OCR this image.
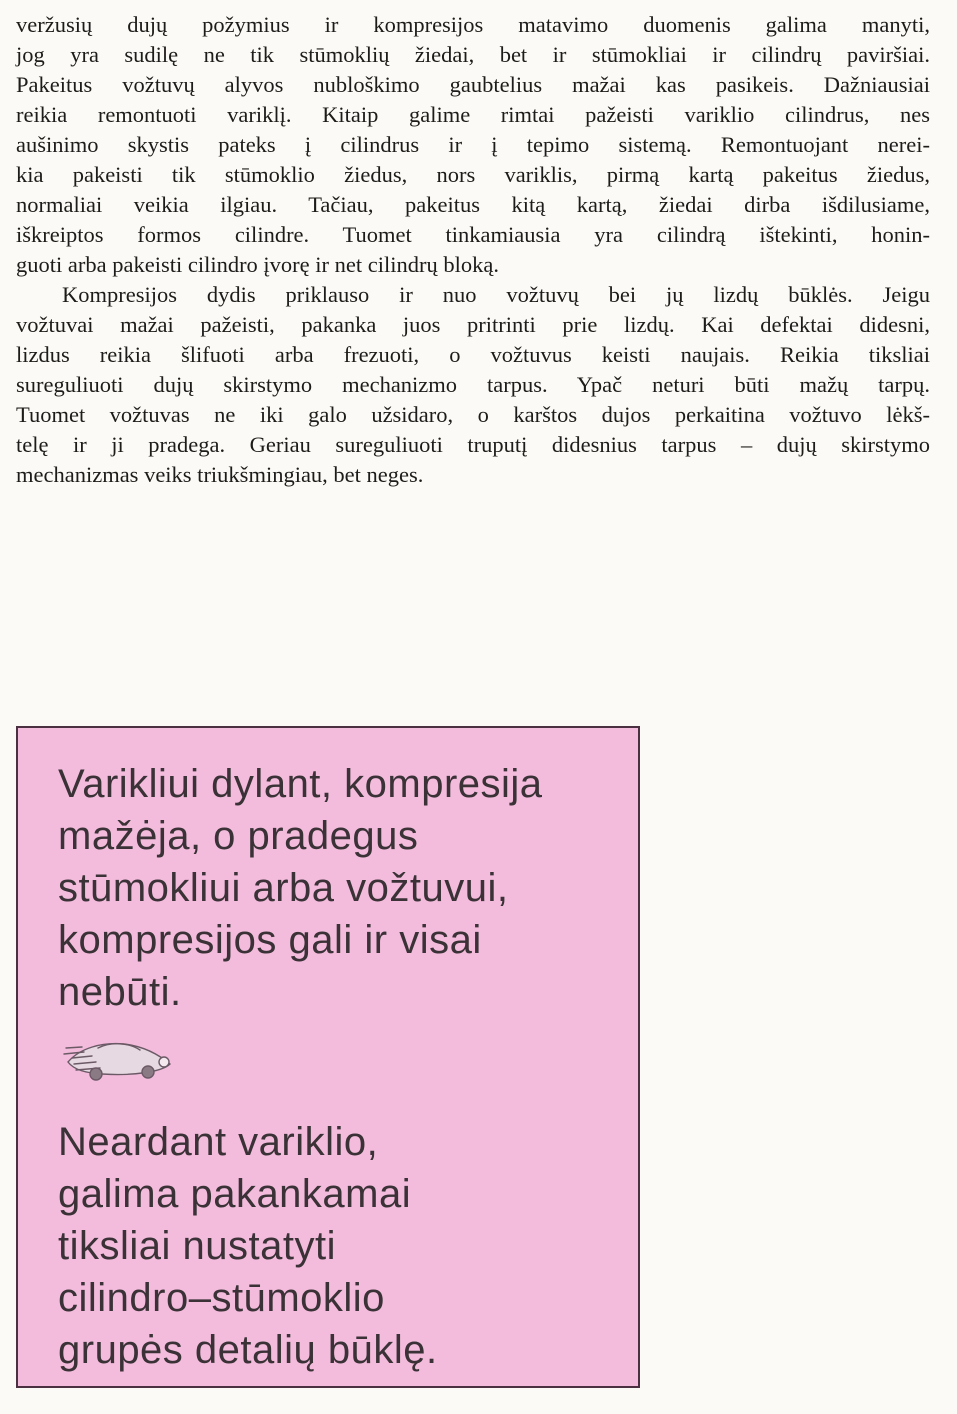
veržusių dujų požymius ir kompresijos matavimo duomenis galima manyti,
jog yra sudilę ne tik stūmoklių žiedai, bet ir stūmokliai ir cilindrų paviršiai.
Pakeitus vožtuvų alyvos nubloškimo gaubtelius mažai kas pasikeis. Dažniausiai
reikia remontuoti variklį. Kitaip galime rimtai pažeisti variklio cilindrus, nes
aušinimo skystis pateks į cilindrus ir į tepimo sistemą. Remontuojant nerei-
kia pakeisti tik stūmoklio žiedus, nors variklis, pirmą kartą pakeitus žiedus,
normaliai veikia ilgiau. Tačiau, pakeitus kitą kartą, žiedai dirba išdilusiame,
iškreiptos formos cilindre. Tuomet tinkamiausia yra cilindrą ištekinti, honin-
guoti arba pakeisti cilindro įvorę ir net cilindrų bloką.
Kompresijos dydis priklauso ir nuo vožtuvų bei jų lizdų būklės. Jeigu
vožtuvai mažai pažeisti, pakanka juos pritrinti prie lizdų. Kai defektai didesni,
lizdus reikia šlifuoti arba frezuoti, o vožtuvus keisti naujais. Reikia tiksliai
sureguliuoti dujų skirstymo mechanizmo tarpus. Ypač neturi būti mažų tarpų.
Tuomet vožtuvas ne iki galo užsidaro, o karštos dujos perkaitina vožtuvo lėkš-
telę ir ji pradega. Geriau sureguliuoti truputį didesnius tarpus – dujų skirstymo
mechanizmas veiks triukšmingiau, bet neges.
Varikliui dylant, kompresija
mažėja, o pradegus
stūmokliui arba vožtuvui,
kompresijos gali ir visai
nebūti.
Neardant variklio,
galima pakankamai
tiksliai nustatyti
cilindro–stūmoklio
grupės detalių būklę.
